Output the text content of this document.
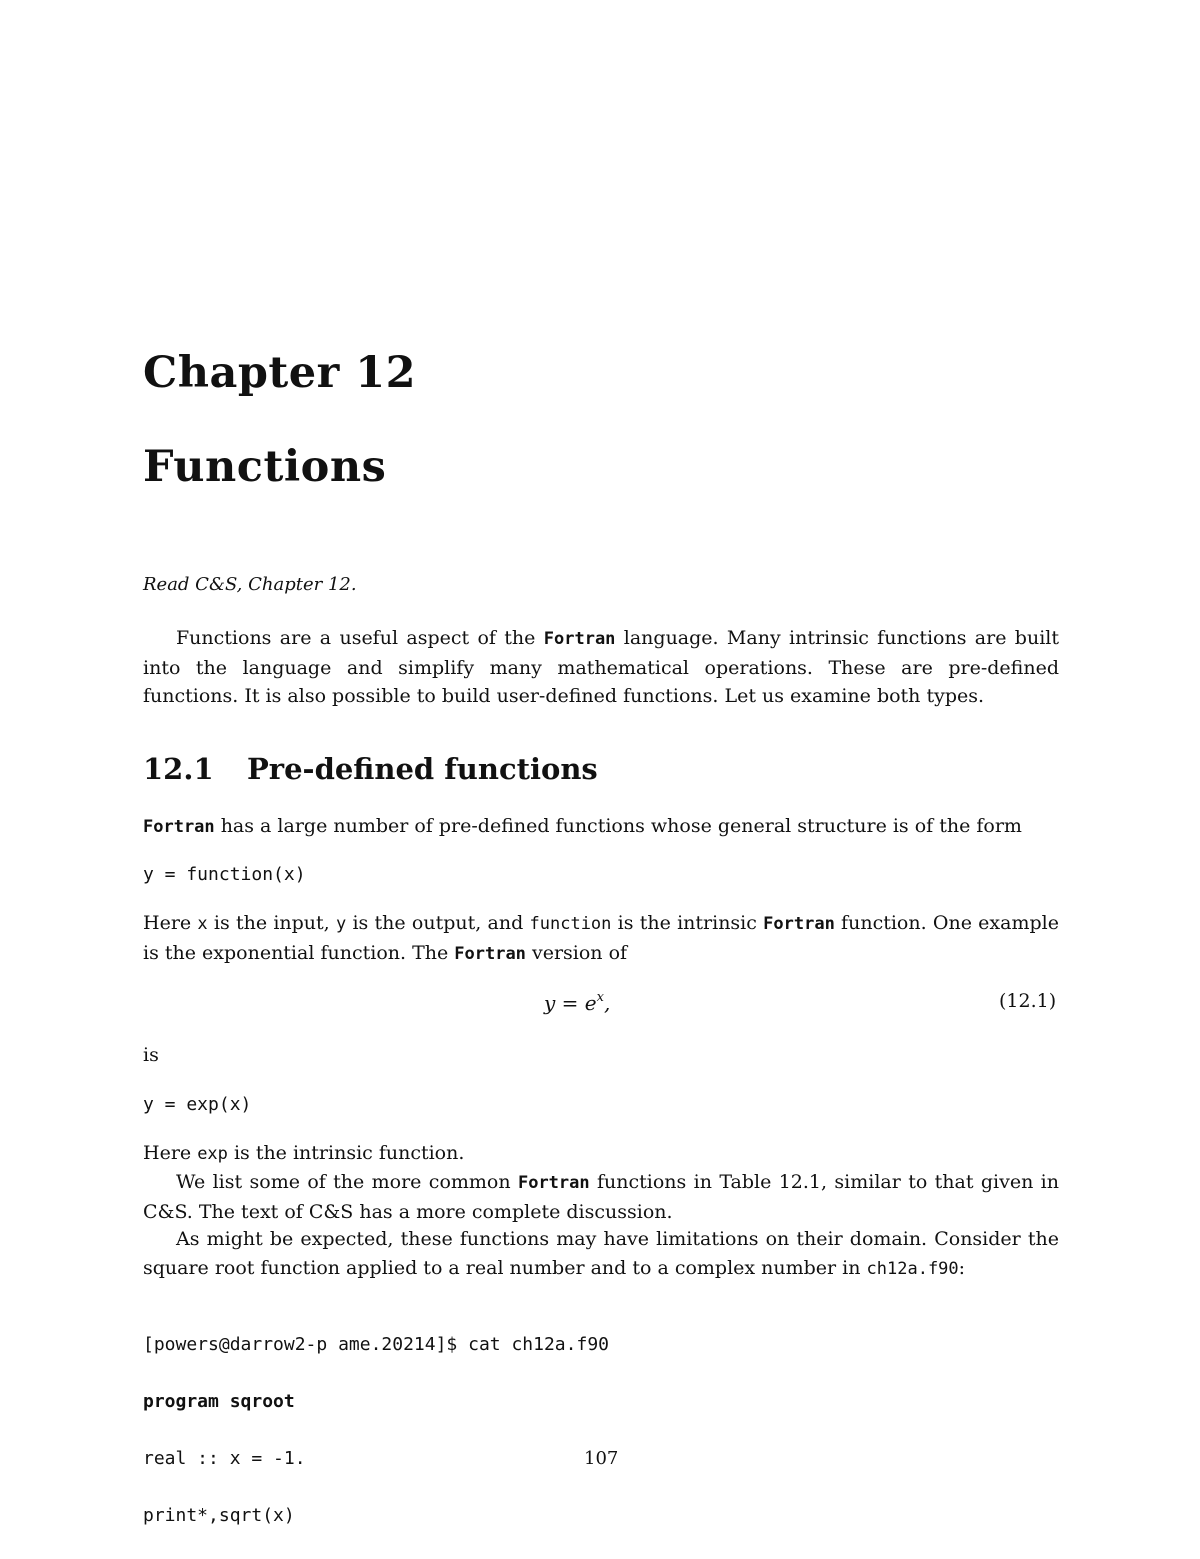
Chapter 12
Functions

Read C&S, Chapter 12.

Functions are a useful aspect of the Fortran language. Many intrinsic functions are built into the language and simplify many mathematical operations. These are pre-defined functions. It is also possible to build user-defined functions. Let us examine both types.

12.1 Pre-defined functions

Fortran has a large number of pre-defined functions whose general structure is of the form

y = function(x)

Here x is the input, y is the output, and function is the intrinsic Fortran function. One example is the exponential function. The Fortran version of

$y = e^x$,	(12.1)

is

y = exp(x)

Here exp is the intrinsic function.

We list some of the more common Fortran functions in Table 12.1, similar to that given in C&S. The text of C&S has a more complete discussion.

As might be expected, these functions may have limitations on their domain. Consider the square root function applied to a real number and to a complex number in ch12a.f90:

[powers@darrow2-p ame.20214]$ cat ch12a.f90

program sqroot

real :: x = -1.

print*,sqrt(x)

107
